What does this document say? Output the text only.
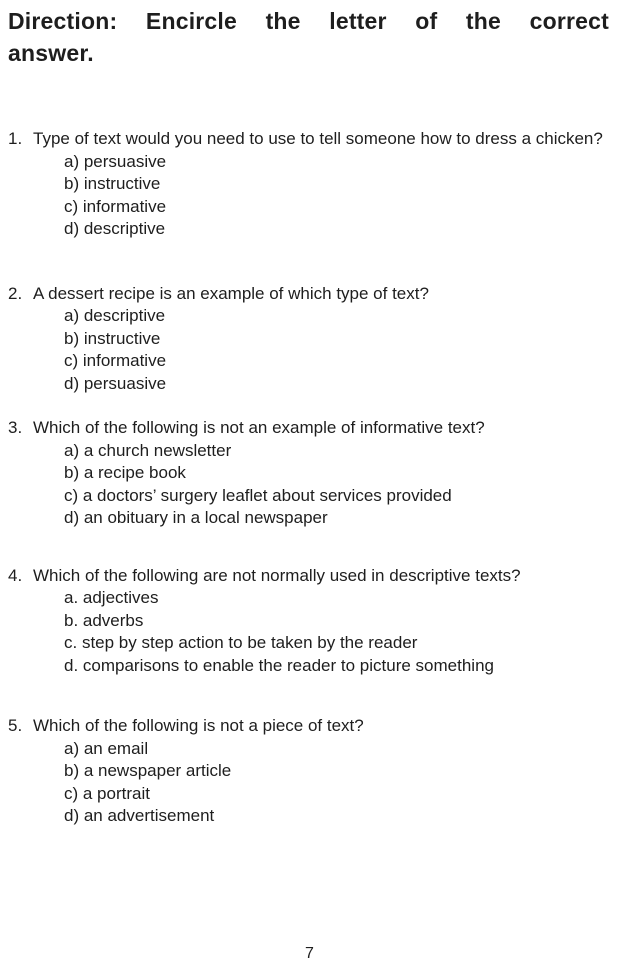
Direction: Encircle the letter of the correct
answer.
1. Type of text would you need to use to tell someone how to dress a chicken?
a) persuasive
b) instructive
c) informative
d) descriptive
2. A dessert recipe is an example of which type of text?
a) descriptive
b) instructive
c) informative
d) persuasive
3. Which of the following is not an example of informative text?
a) a church newsletter
b) a recipe book
c) a doctors’ surgery leaflet about services provided
d) an obituary in a local newspaper
4. Which of the following are not normally used in descriptive texts?
a. adjectives
b. adverbs
c. step by step action to be taken by the reader
d. comparisons to enable the reader to picture something
5. Which of the following is not a piece of text?
a) an email
b) a newspaper article
c) a portrait
d) an advertisement
7
